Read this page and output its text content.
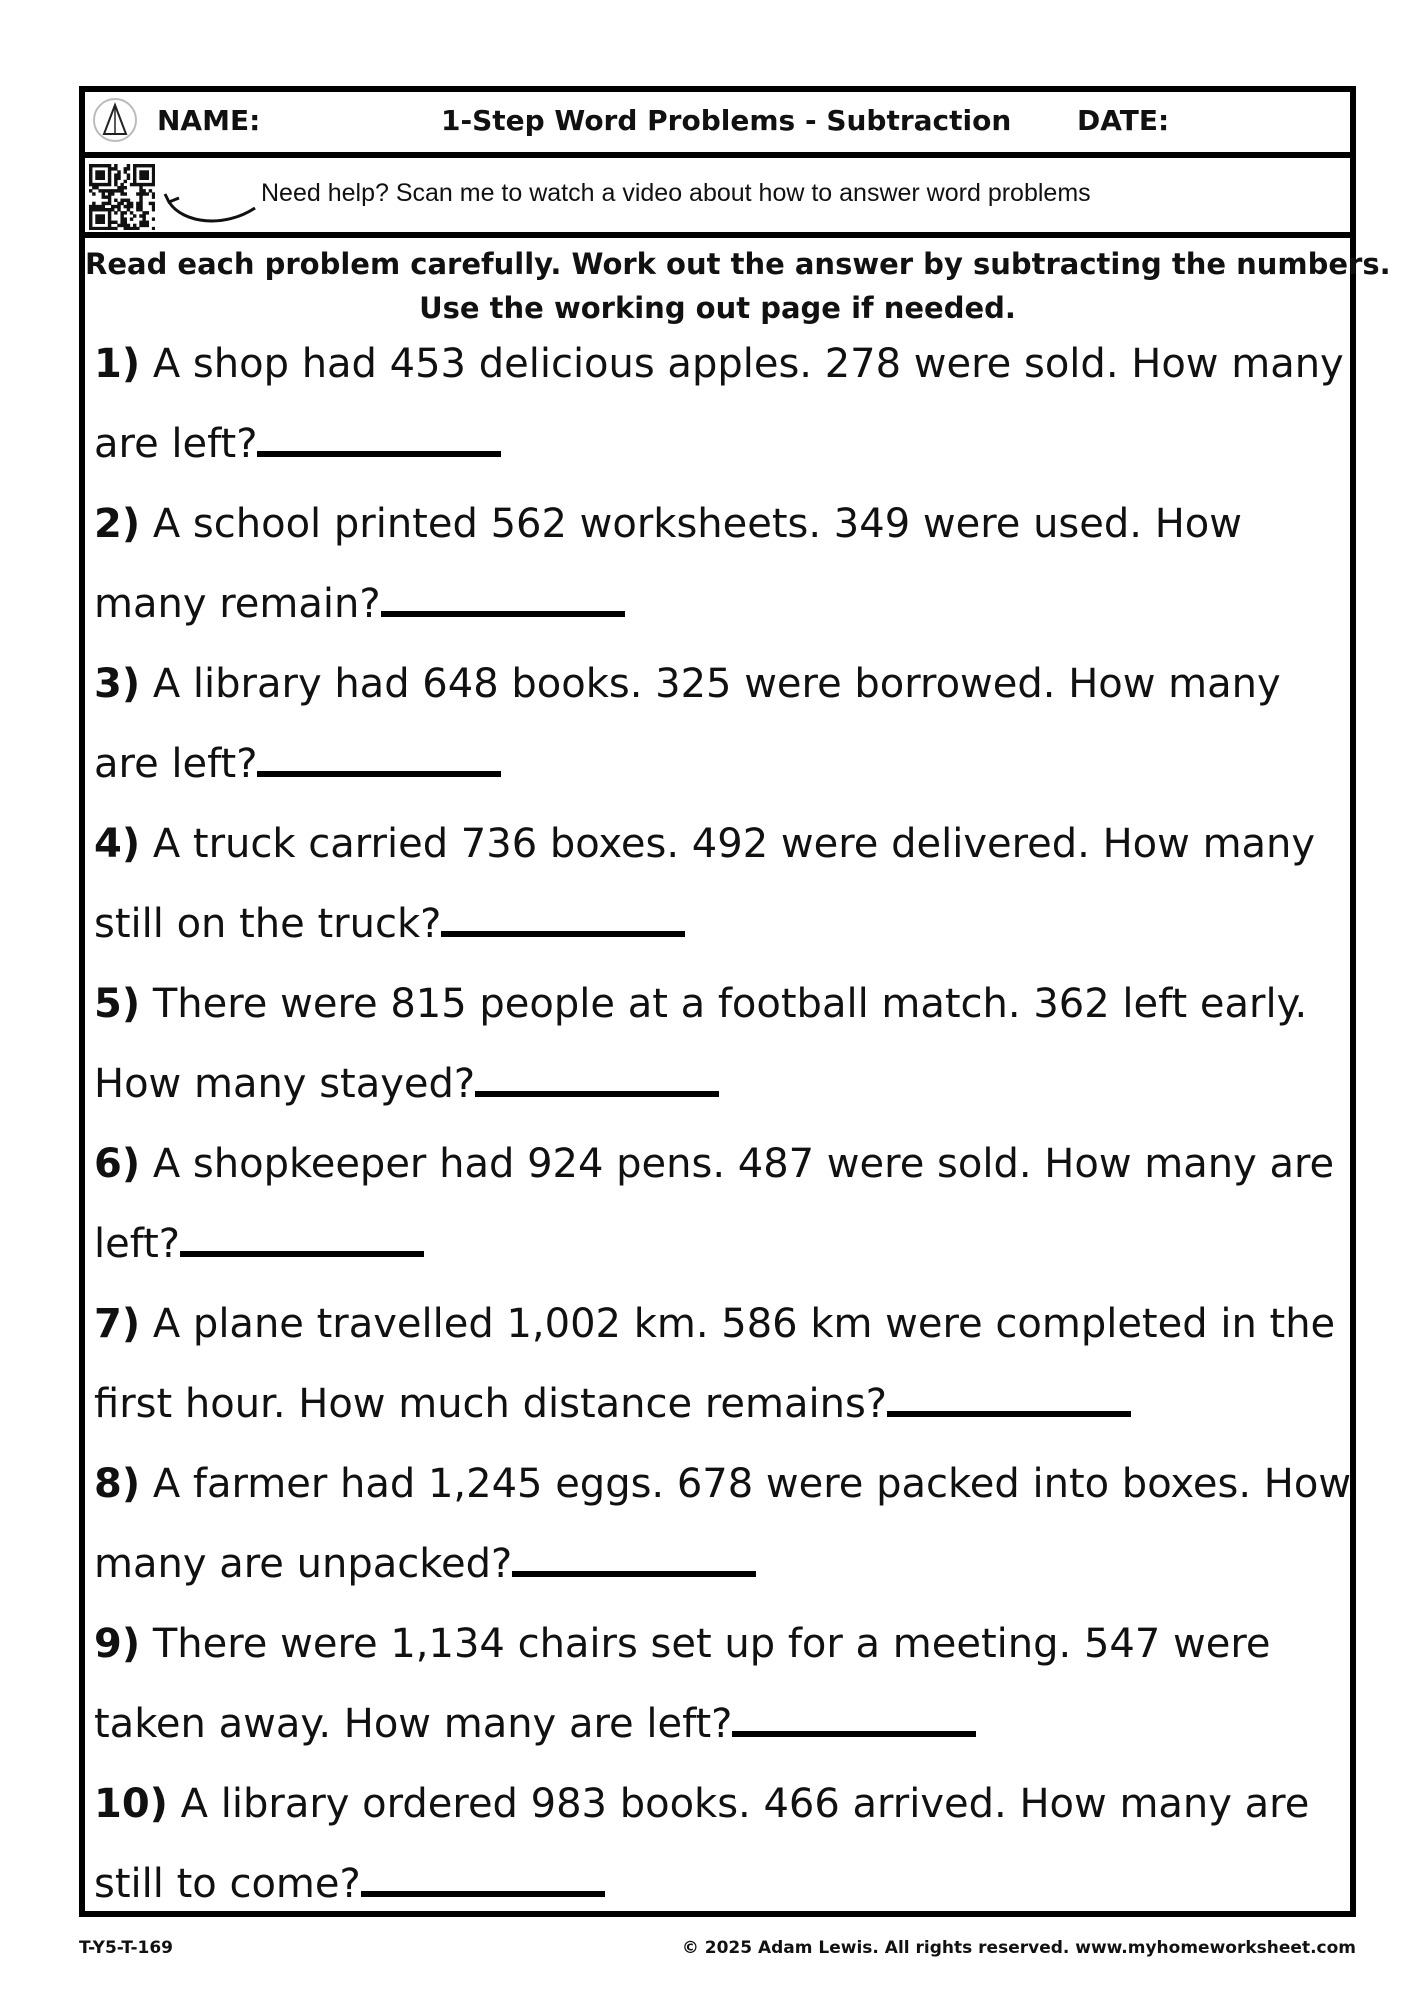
NAME:	1-Step Word Problems - Subtraction DATE:
Need help? Scan me to watch a video about how to answer word problems
Read each problem carefully. Work out the answer by subtracting the numbers.
Use the working out page if needed.
1) A shop had 453 delicious apples. 278 were sold. How many
are left?
2) A school printed 562 worksheets. 349 were used. How
many remain?
3) A library had 648 books. 325 were borrowed. How many
are left?
4) A truck carried 736 boxes. 492 were delivered. How many
still on the truck?
5) There were 815 people at a football match. 362 left early.
How many stayed?
6) A shopkeeper had 924 pens. 487 were sold. How many are
left?
7) A plane travelled 1,002 km. 586 km were completed in the
first hour. How much distance remains?
8) A farmer had 1,245 eggs. 678 were packed into boxes. How
many are unpacked?
9) There were 1,134 chairs set up for a meeting. 547 were
taken away. How many are left?
10) A library ordered 983 books. 466 arrived. How many are
still to come?
T-Y5-T-169	© 2025 Adam Lewis. All rights reserved. www.myhomeworksheet.com
